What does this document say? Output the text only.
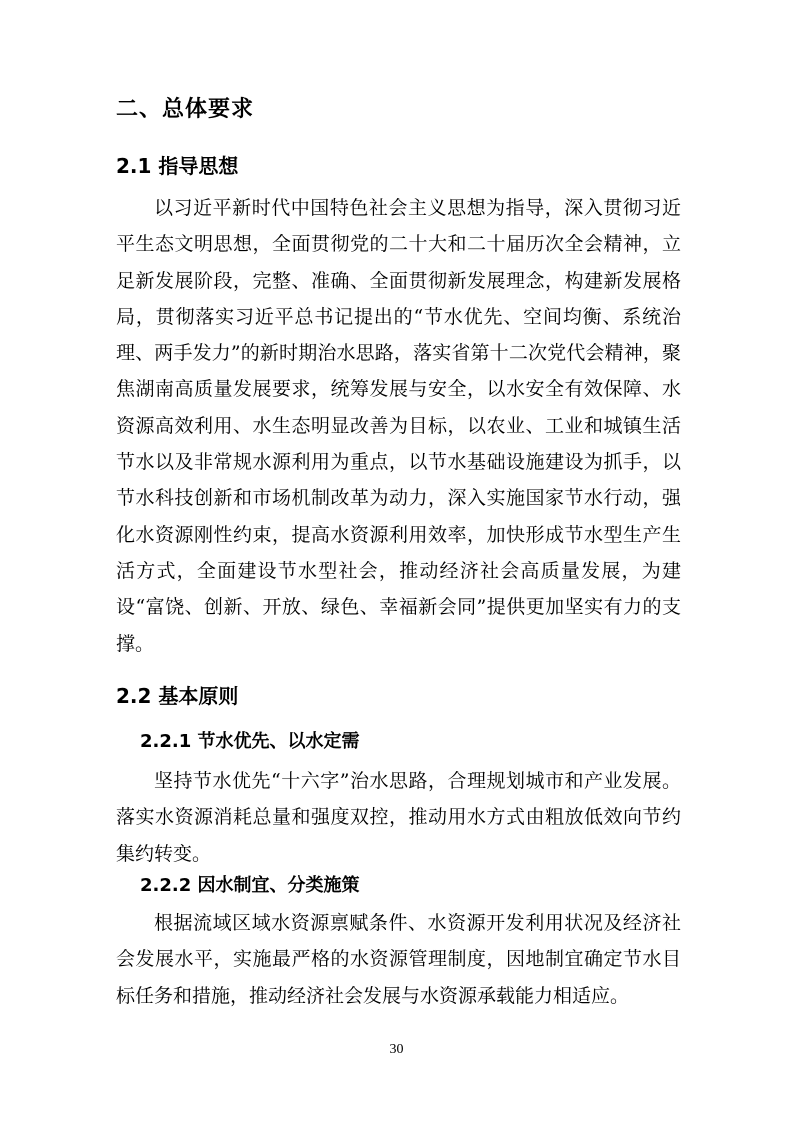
二、总体要求
2.1 指导思想
以习近平新时代中国特色社会主义思想为指导，深入贯彻习近平生态文明思想，全面贯彻党的二十大和二十届历次全会精神，立足新发展阶段，完整、准确、全面贯彻新发展理念，构建新发展格局，贯彻落实习近平总书记提出的“节水优先、空间均衡、系统治理、两手发力”的新时期治水思路，落实省第十二次党代会精神，聚焦湖南高质量发展要求，统筹发展与安全，以水安全有效保障、水资源高效利用、水生态明显改善为目标，以农业、工业和城镇生活节水以及非常规水源利用为重点，以节水基础设施建设为抓手，以节水科技创新和市场机制改革为动力，深入实施国家节水行动，强化水资源刚性约束，提高水资源利用效率，加快形成节水型生产生活方式，全面建设节水型社会，推动经济社会高质量发展，为建设“富饶、创新、开放、绿色、幸福新会同”提供更加坚实有力的支撑。
2.2 基本原则
2.2.1 节水优先、以水定需
坚持节水优先“十六字”治水思路，合理规划城市和产业发展。落实水资源消耗总量和强度双控，推动用水方式由粗放低效向节约集约转变。
2.2.2 因水制宜、分类施策
根据流域区域水资源禀赋条件、水资源开发利用状况及经济社会发展水平，实施最严格的水资源管理制度，因地制宜确定节水目标任务和措施，推动经济社会发展与水资源承载能力相适应。
30
